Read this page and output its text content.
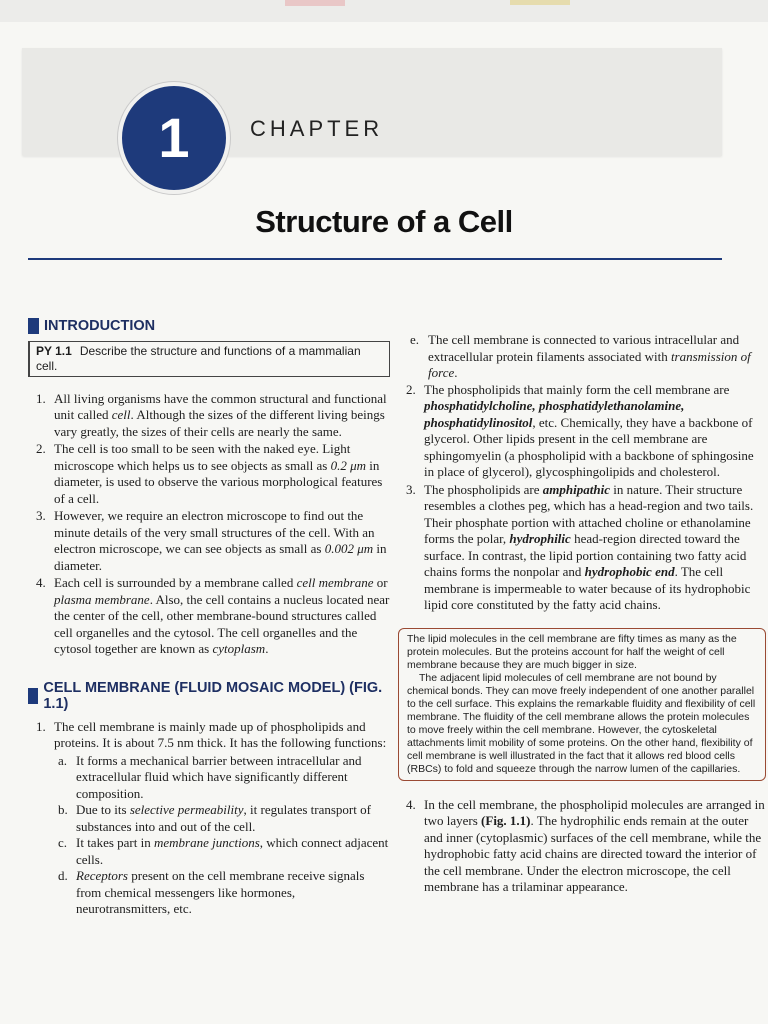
1	CHAPTER
Structure of a Cell
INTRODUCTION
PY 1.1 Describe the structure and functions of a mammalian cell.
1. All living organisms have the common structural and functional unit called cell. Although the sizes of the different living beings vary greatly, the sizes of their cells are nearly the same.
2. The cell is too small to be seen with the naked eye. Light microscope which helps us to see objects as small as 0.2 μm in diameter, is used to observe the various morphological features of a cell.
3. However, we require an electron microscope to find out the minute details of the very small structures of the cell. With an electron microscope, we can see objects as small as 0.002 μm in diameter.
4. Each cell is surrounded by a membrane called cell membrane or plasma membrane. Also, the cell contains a nucleus located near the center of the cell, other membrane-bound structures called cell organelles and the cytosol. The cell organelles and the cytosol together are known as cytoplasm.
CELL MEMBRANE (FLUID MOSAIC MODEL) (FIG. 1.1)
1. The cell membrane is mainly made up of phospholipids and proteins. It is about 7.5 nm thick. It has the following functions:
a. It forms a mechanical barrier between intracellular and extracellular fluid which have significantly different composition.
b. Due to its selective permeability, it regulates transport of substances into and out of the cell.
c. It takes part in membrane junctions, which connect adjacent cells.
d. Receptors present on the cell membrane receive signals from chemical messengers like hormones, neurotransmitters, etc.
e. The cell membrane is connected to various intracellular and extracellular protein filaments associated with transmission of force.
2. The phospholipids that mainly form the cell membrane are phosphatidylcholine, phosphatidylethanolamine, phosphatidylinositol, etc. Chemically, they have a backbone of glycerol. Other lipids present in the cell membrane are sphingomyelin (a phospholipid with a backbone of sphingosine in place of glycerol), glycosphingolipids and cholesterol.
3. The phospholipids are amphipathic in nature. Their structure resembles a clothes peg, which has a head-region and two tails. Their phosphate portion with attached choline or ethanolamine forms the polar, hydrophilic head-region directed toward the surface. In contrast, the lipid portion containing two fatty acid chains forms the nonpolar and hydrophobic end. The cell membrane is impermeable to water because of its hydrophobic lipid core constituted by the fatty acid chains.

The lipid molecules in the cell membrane are fifty times as many as the protein molecules. But the proteins account for half the weight of cell membrane because they are much bigger in size.

The adjacent lipid molecules of cell membrane are not bound by chemical bonds. They can move freely independent of one another parallel to the cell surface. This explains the remarkable fluidity and flexibility of cell membrane. The fluidity of the cell membrane allows the protein molecules to move freely within the cell membrane. However, the cytoskeletal attachments limit mobility of some proteins. On the other hand, flexibility of cell membrane is well illustrated in the fact that it allows red blood cells (RBCs) to fold and squeeze through the narrow lumen of the capillaries.

4. In the cell membrane, the phospholipid molecules are arranged in two layers (Fig. 1.1). The hydrophilic ends remain at the outer and inner (cytoplasmic) surfaces of the cell membrane, while the hydrophobic fatty acid chains are directed toward the interior of the cell membrane. Under the electron microscope, the cell membrane has a trilaminar appearance.
